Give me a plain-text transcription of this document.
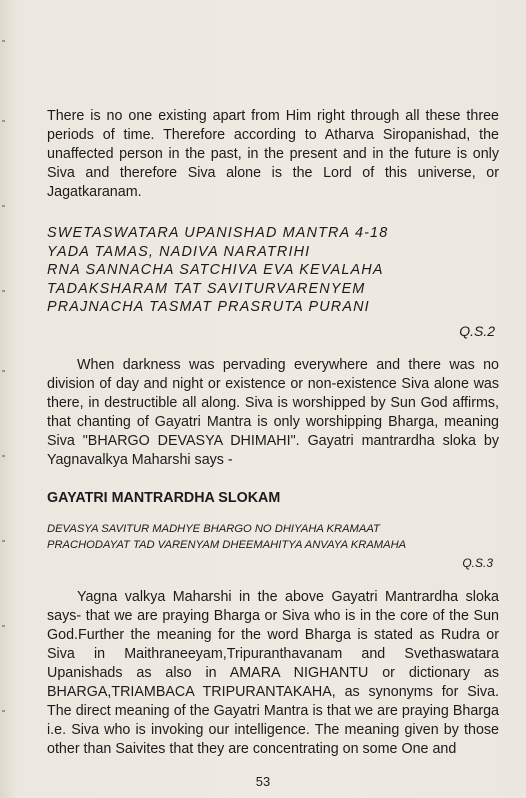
There is no one existing apart from Him right through all these three periods of time. Therefore according to Atharva Siropanishad, the unaffected person in the past, in the present and in the future is only Siva and therefore Siva alone is the Lord of this universe, or Jagatkaranam.

SWETASWATARA UPANISHAD MANTRA 4-18
YADA TAMAS, NADIVA NARATRIHI
RNA SANNACHA SATCHIVA EVA KEVALAHA
TADAKSHARAM TAT SAVITURVARENYEM
PRAJNACHA TASMAT PRASRUTA PURANI
Q.S.2

When darkness was pervading everywhere and there was no division of day and night or existence or non-existence Siva alone was there, in destructible all along. Siva is worshipped by Sun God affirms, that chanting of Gayatri Mantra is only worshipping Bharga, meaning Siva "BHARGO DEVASYA DHIMAHI". Gayatri mantrardha sloka by Yagnavalkya Maharshi says -

GAYATRI MANTRARDHA SLOKAM
DEVASYA SAVITUR MADHYE BHARGO NO DHIYAHA KRAMAAT
PRACHODAYAT TAD VARENYAM DHEEMAHITYA ANVAYA KRAMAHA
Q.S.3

Yagna valkya Maharshi in the above Gayatri Mantrardha sloka says- that we are praying Bharga or Siva who is in the core of the Sun God.Further the meaning for the word Bharga is stated as Rudra or Siva in Maithraneeyam,Tripuranthavanam and Svethaswatara Upanishads as also in AMARA NIGHANTU or dictionary as BHARGA,TRIAMBACA TRIPURANTAKAHA, as synonyms for Siva. The direct meaning of the Gayatri Mantra is that we are praying Bharga i.e. Siva who is invoking our intelligence. The meaning given by those other than Saivites that they are concentrating on some One and

53
